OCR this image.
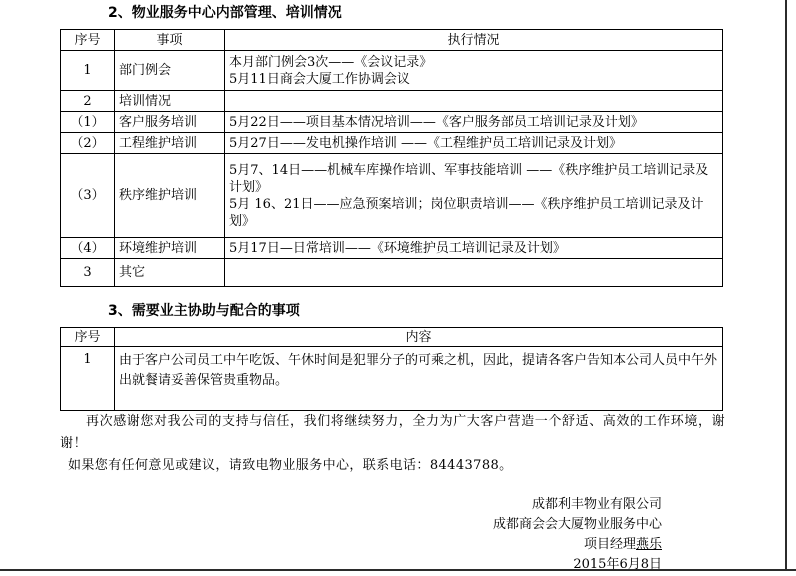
2、物业服务中心内部管理、培训情况
序号	事项	执行情况
1	部门例会	本月部门例会3次——《会议记录》
5月11日商会大厦工作协调会议

2	培训情况	
（1）	客户服务培训	5月22日——项目基本情况培训——《客户服务部员工培训记录及计划》
（2）	工程维护培训	5月27日——发电机操作培训 ——《工程维护员工培训记录及计划》
（3）	秩序维护培训	5月7、14日——机械车库操作培训、军事技能培训 ——《秩序维护员工培训记录及计划》
5月 16、21日——应急预案培训；岗位职责培训——《秩序维护员工培训记录及计划》

（4）	环境维护培训	5月17日—日常培训——《环境维护员工培训记录及计划》
3	其它	
3、需要业主协助与配合的事项
序号	内容
1	由于客户公司员工中午吃饭、午休时间是犯罪分子的可乘之机，因此，提请各客户告知本公司人员中午外出就餐请妥善保管贵重物品。
再次感谢您对我公司的支持与信任，我们将继续努力，全力为广大客户营造一个舒适、高效的工作环境，谢谢！
如果您有任何意见或建议，请致电物业服务中心，联系电话：84443788。
成都利丰物业有限公司
成都商会会大厦物业服务中心
项目经理燕乐
2015年6月8日
